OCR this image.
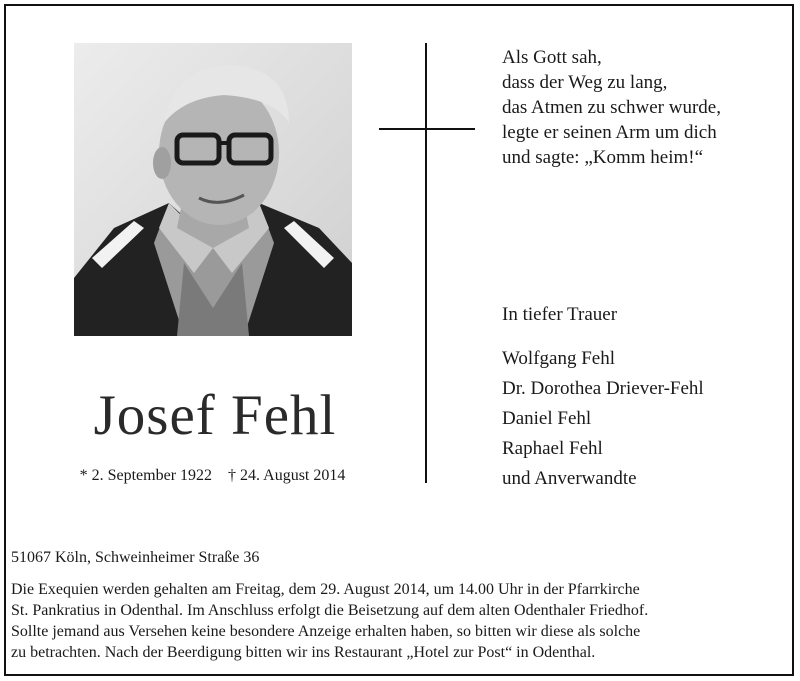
Josef Fehl
* 2. September 1922    † 24. August 2014
Als Gott sah,
dass der Weg zu lang,
das Atmen zu schwer wurde,
legte er seinen Arm um dich
und sagte: „Komm heim!“
In tiefer Trauer
Wolfgang Fehl
Dr. Dorothea Driever-Fehl
Daniel Fehl
Raphael Fehl
und Anverwandte
51067 Köln, Schweinheimer Straße 36
Die Exequien werden gehalten am Freitag, dem 29. August 2014, um 14.00 Uhr in der Pfarrkirche
St. Pankratius in Odenthal. Im Anschluss erfolgt die Beisetzung auf dem alten Odenthaler Friedhof.
Sollte jemand aus Versehen keine besondere Anzeige erhalten haben, so bitten wir diese als solche
zu betrachten. Nach der Beerdigung bitten wir ins Restaurant „Hotel zur Post“ in Odenthal.
